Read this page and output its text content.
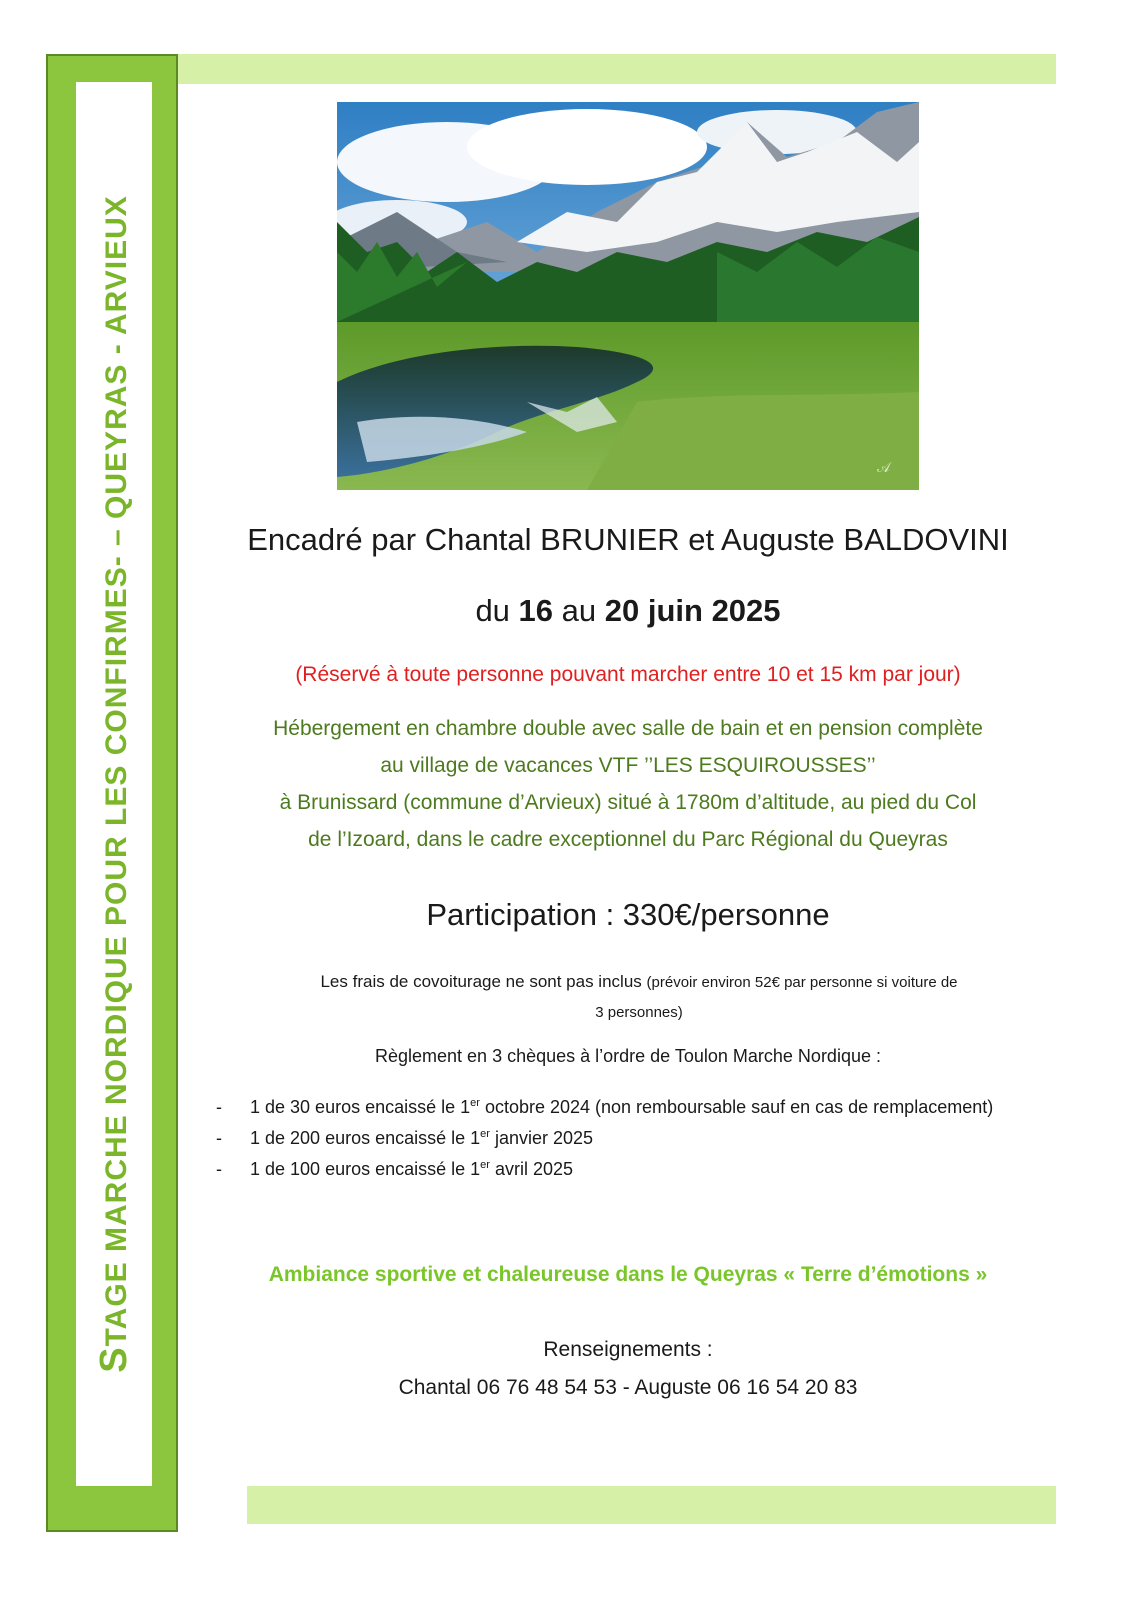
STAGE MARCHE NORDIQUE POUR LES CONFIRMES- – QUEYRAS - ARVIEUX	𝒜
Encadré par Chantal BRUNIER et Auguste BALDOVINI
du 16 au 20 juin 2025
(Réservé à toute personne pouvant marcher entre 10 et 15 km par jour)
Hébergement en chambre double avec salle de bain et en pension complète
au village de vacances VTF ’’LES ESQUIROUSSES’’
à Brunissard (commune d’Arvieux) situé à 1780m d’altitude, au pied du Col
de l’Izoard, dans le cadre exceptionnel du Parc Régional du Queyras
Participation : 330€/personne
Les frais de covoiturage ne sont pas inclus (prévoir environ 52€ par personne si voiture de
3 personnes)
Règlement en 3 chèques à l’ordre de Toulon Marche Nordique :
- 1 de 30 euros encaissé le 1er octobre 2024 (non remboursable sauf en cas de remplacement)
- 1 de 200 euros encaissé le 1er janvier 2025
- 1 de 100 euros encaissé le 1er avril 2025
Ambiance sportive et chaleureuse dans le Queyras « Terre d’émotions »
Renseignements :
Chantal 06 76 48 54 53 - Auguste 06 16 54 20 83
